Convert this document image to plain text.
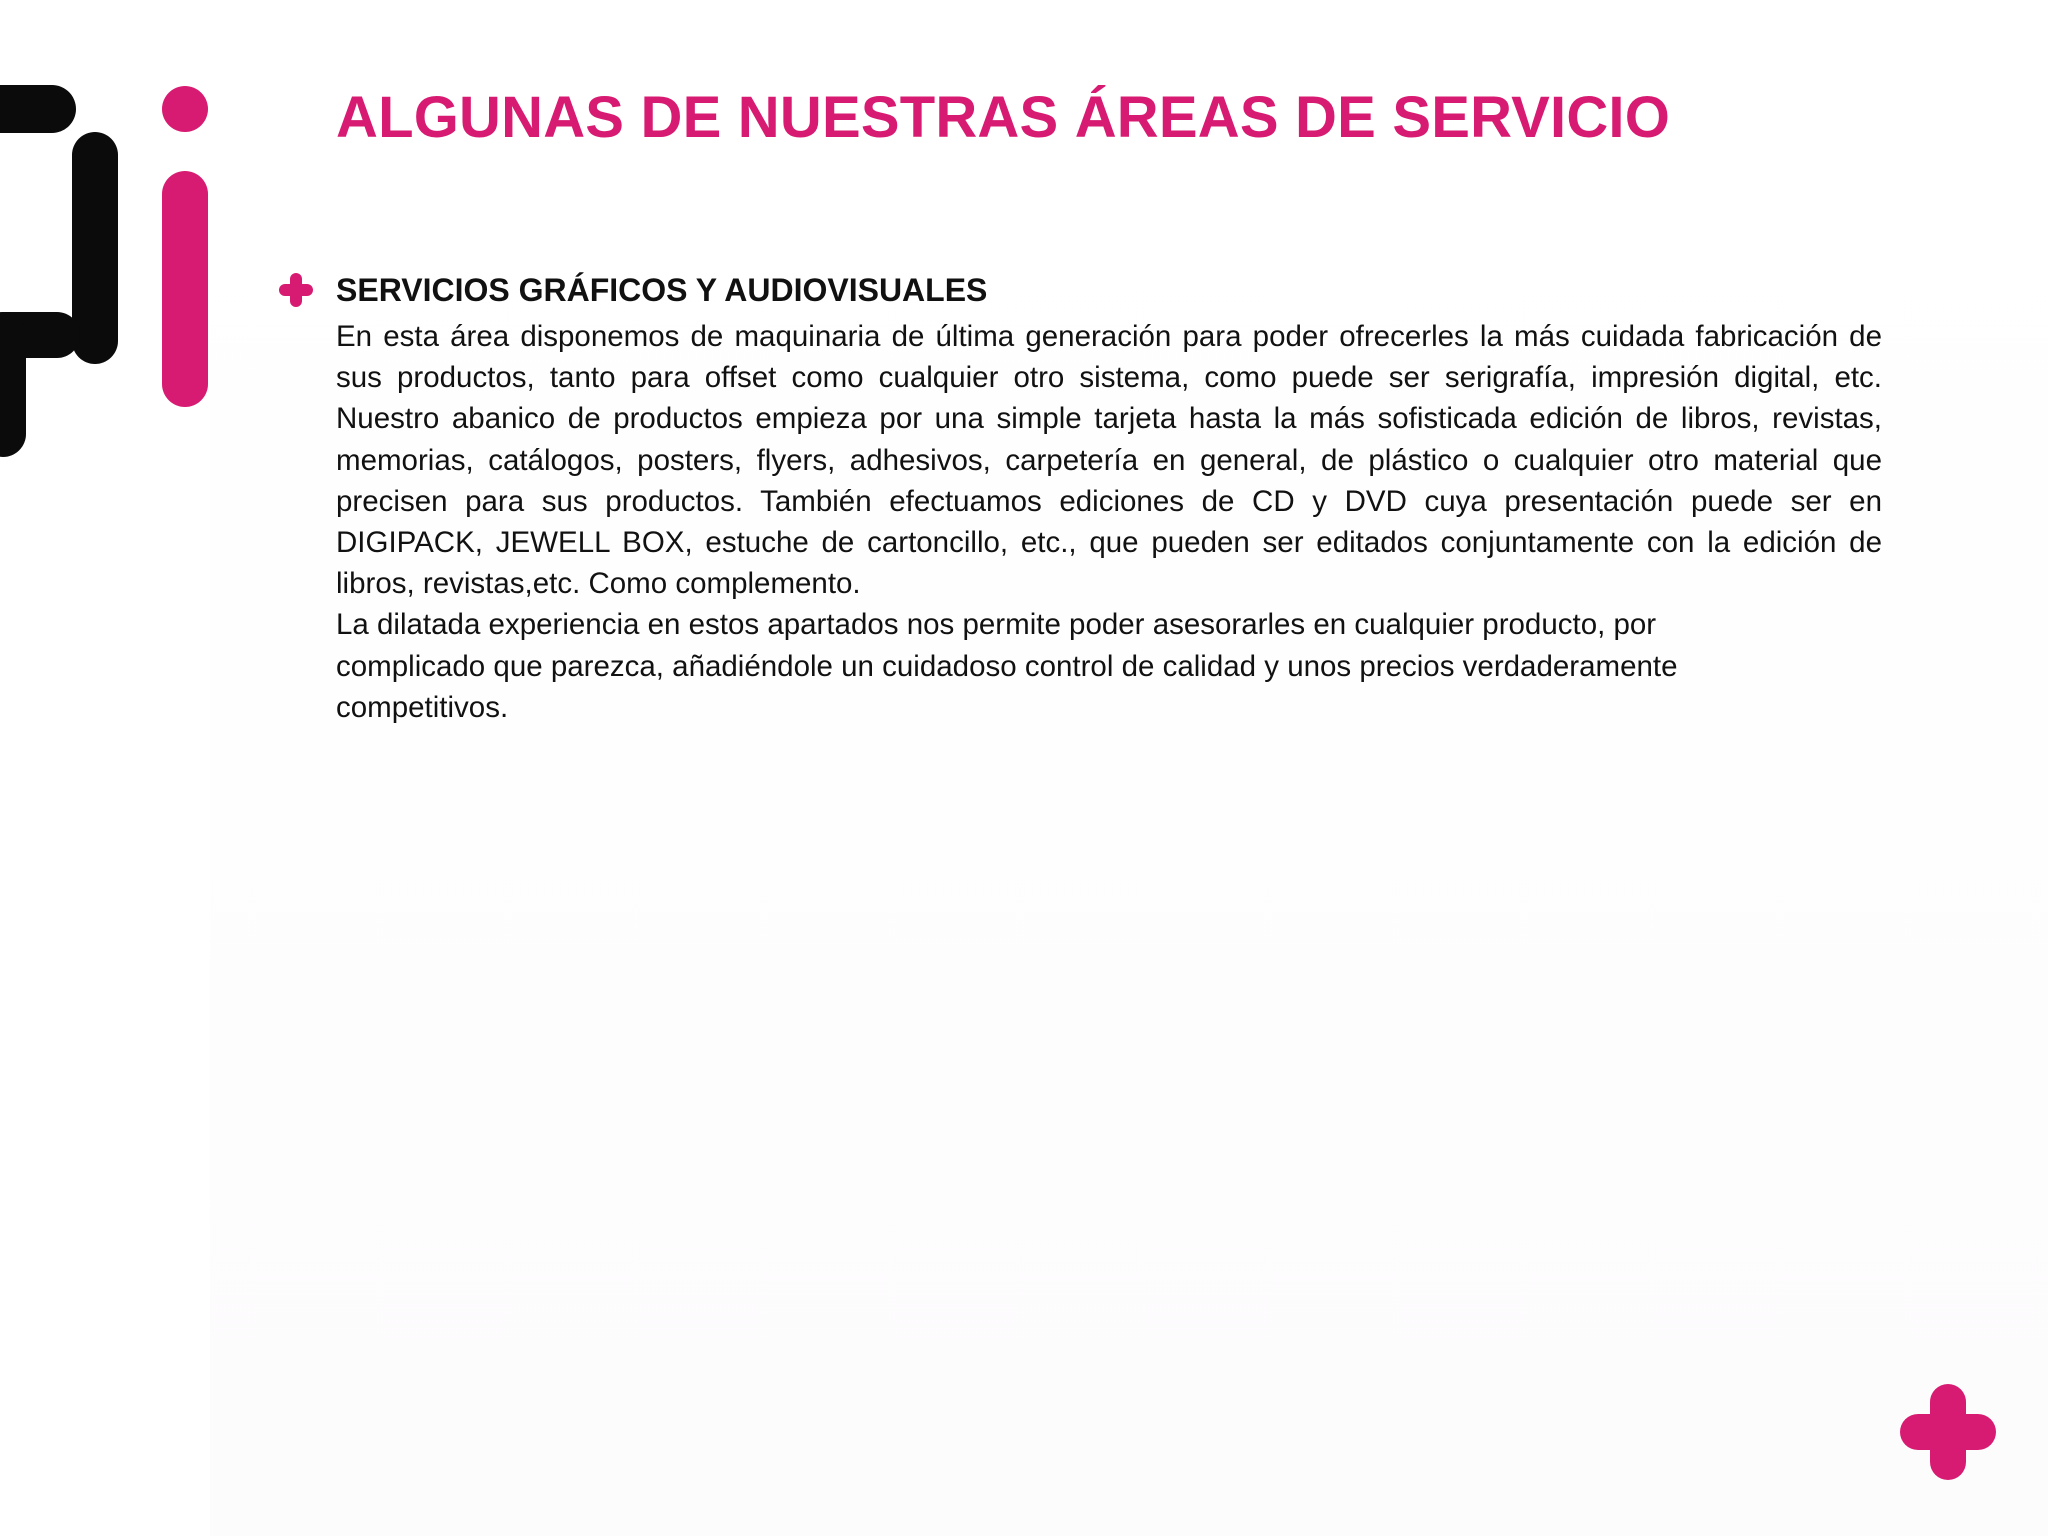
ALGUNAS DE NUESTRAS ÁREAS DE SERVICIO
SERVICIOS GRÁFICOS Y AUDIOVISUALES

En esta área disponemos de maquinaria de última generación para poder ofrecerles la más cuidada fabricación de sus productos, tanto para offset como cualquier otro sistema, como puede ser serigrafía, impresión digital, etc. Nuestro abanico de productos empieza por una simple tarjeta hasta la más sofisticada edición de libros, revistas, memorias, catálogos, posters, flyers, adhesivos, carpetería en general, de plástico o cualquier otro material que precisen para sus productos. También efectuamos ediciones de CD y DVD cuya presentación puede ser en DIGIPACK, JEWELL BOX, estuche de cartoncillo, etc., que pueden ser editados conjuntamente con la edición de libros, revistas,etc. Como complemento.

La dilatada experiencia en estos apartados nos permite poder asesorarles en cualquier producto, por complicado que parezca, añadiéndole un cuidadoso control de calidad y unos precios verdaderamente competitivos.
